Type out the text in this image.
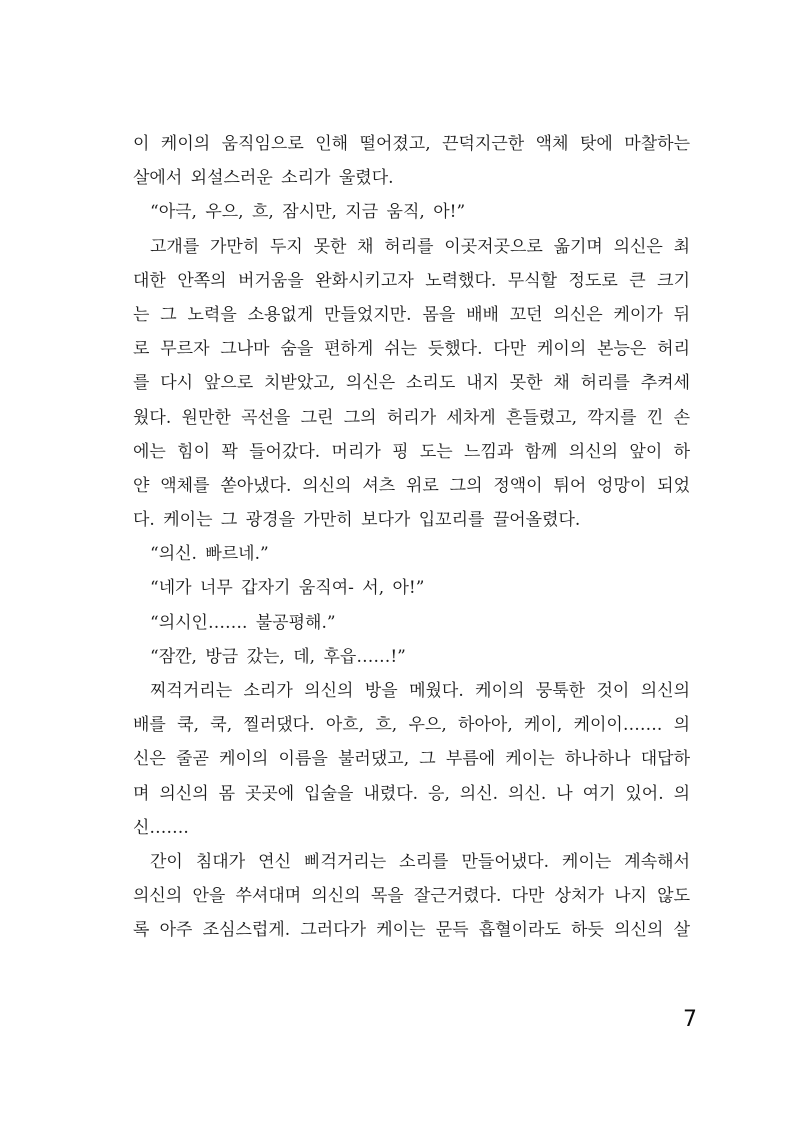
이 케이의 움직임으로 인해 떨어졌고, 끈덕지근한 액체 탓에 마찰하는
살에서 외설스러운 소리가 울렸다.
“아극, 우으, 흐, 잠시만, 지금 움직, 아!”
고개를 가만히 두지 못한 채 허리를 이곳저곳으로 옮기며 의신은 최
대한 안쪽의 버거움을 완화시키고자 노력했다. 무식할 정도로 큰 크기
는 그 노력을 소용없게 만들었지만. 몸을 배배 꼬던 의신은 케이가 뒤
로 무르자 그나마 숨을 편하게 쉬는 듯했다. 다만 케이의 본능은 허리
를 다시 앞으로 치받았고, 의신은 소리도 내지 못한 채 허리를 추켜세
웠다. 원만한 곡선을 그린 그의 허리가 세차게 흔들렸고, 깍지를 낀 손
에는 힘이 꽉 들어갔다. 머리가 핑 도는 느낌과 함께 의신의 앞이 하
얀 액체를 쏟아냈다. 의신의 셔츠 위로 그의 정액이 튀어 엉망이 되었
다. 케이는 그 광경을 가만히 보다가 입꼬리를 끌어올렸다.
“의신. 빠르네.”
“네가 너무 갑자기 움직여- 서, 아!”
“의시인……. 불공평해.”
“잠깐, 방금 갔는, 데, 후읍……!”
찌걱거리는 소리가 의신의 방을 메웠다. 케이의 뭉툭한 것이 의신의
배를 쿡, 쿡, 찔러댔다. 아흐, 흐, 우으, 하아아, 케이, 케이이……. 의
신은 줄곧 케이의 이름을 불러댔고, 그 부름에 케이는 하나하나 대답하
며 의신의 몸 곳곳에 입술을 내렸다. 응, 의신. 의신. 나 여기 있어. 의
신…….
간이 침대가 연신 삐걱거리는 소리를 만들어냈다. 케이는 계속해서
의신의 안을 쑤셔대며 의신의 목을 잘근거렸다. 다만 상처가 나지 않도
록 아주 조심스럽게. 그러다가 케이는 문득 흡혈이라도 하듯 의신의 살
7
